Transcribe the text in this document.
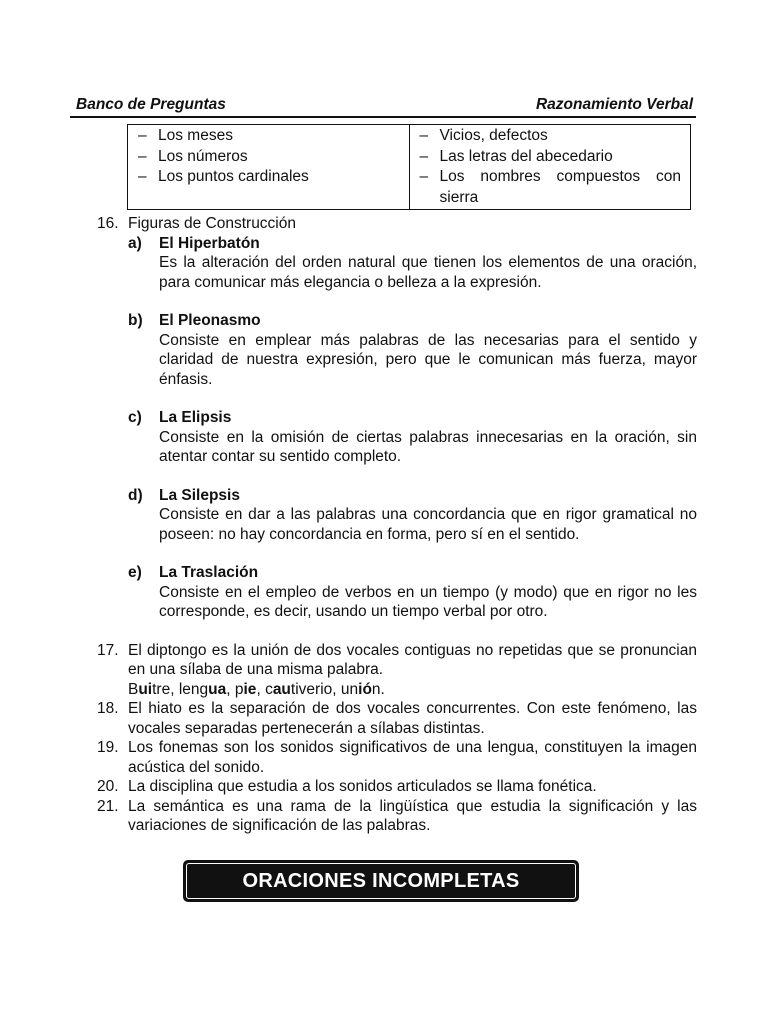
Banco de Preguntas	Razonamiento Verbal
– Los meses
– Los números
– Los puntos cardinales

– Vicios, defectos
– Las letras del abecedario
– Los nombres compuestos con sierra
16. Figuras de Construcción
a)	El Hiperbatón
Es la alteración del orden natural que tienen los elementos de una oración, para comunicar más elegancia o belleza a la expresión.
b)	El Pleonasmo
Consiste en emplear más palabras de las necesarias para el sentido y claridad de nuestra expresión, pero que le comunican más fuerza, mayor énfasis.
c)	La Elipsis
Consiste en la omisión de ciertas palabras innecesarias en la oración, sin atentar contar su sentido completo.
d)	La Silepsis
Consiste en dar a las palabras una concordancia que en rigor gramatical no poseen: no hay concordancia en forma, pero sí en el sentido.
e)	La Traslación
Consiste en el empleo de verbos en un tiempo (y modo) que en rigor no les corresponde, es decir, usando un tiempo verbal por otro.
17. El diptongo es la unión de dos vocales contiguas no repetidas que se pronuncian en una sílaba de una misma palabra.
Buitre, lengua, pie, cautiverio, unión.
18. El hiato es la separación de dos vocales concurrentes. Con este fenómeno, las vocales separadas pertenecerán a sílabas distintas.
19. Los fonemas son los sonidos significativos de una lengua, constituyen la imagen acústica del sonido.
20. La disciplina que estudia a los sonidos articulados se llama fonética.
21. La semántica es una rama de la lingüística que estudia la significación y las variaciones de significación de las palabras.
ORACIONES INCOMPLETAS
